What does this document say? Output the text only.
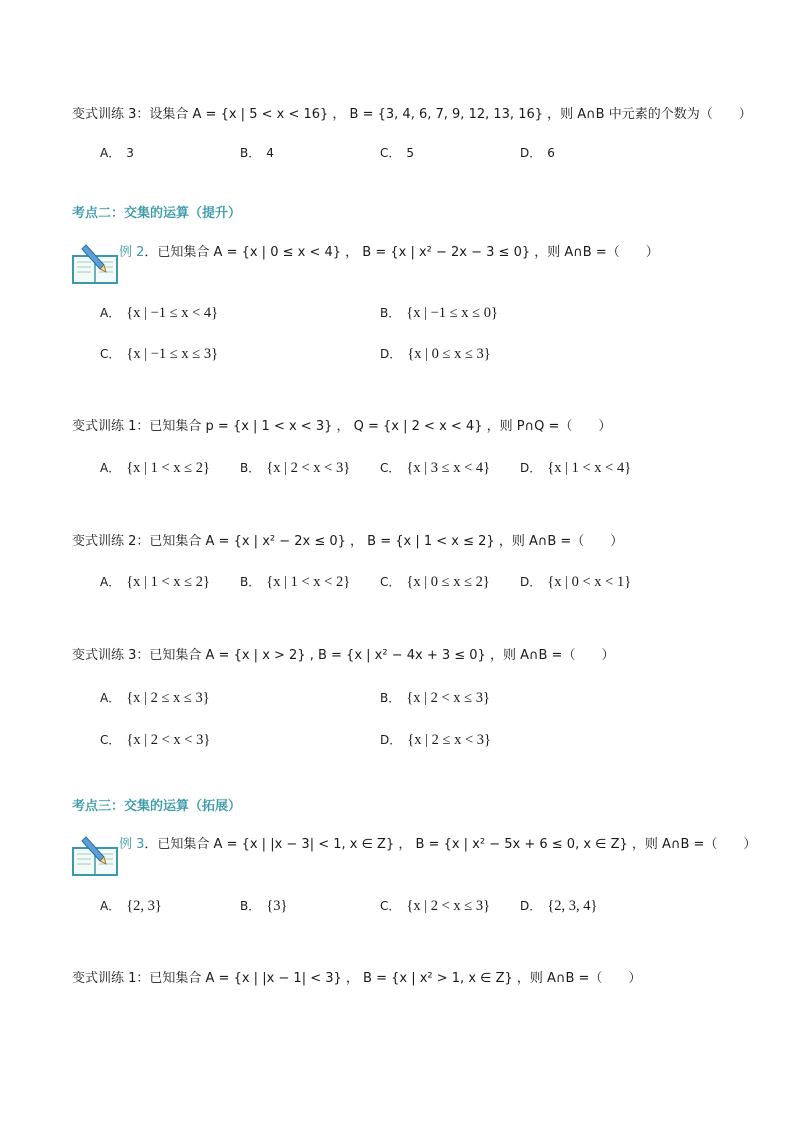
变式训练 3：设集合 A = {x | 5 < x < 16} ， B = {3, 4, 6, 7, 9, 12, 13, 16} ，则 A∩B 中元素的个数为（　　）
A． 3	B． 4	C． 5	D． 6
考点二：交集的运算（提升）
例 2．已知集合 A = {x | 0 ≤ x < 4} ， B = {x | x² − 2x − 3 ≤ 0} ，则 A∩B =（　　）
A． {x | −1 ≤ x < 4}	B． {x | −1 ≤ x ≤ 0}
C． {x | −1 ≤ x ≤ 3}	D． {x | 0 ≤ x ≤ 3}
变式训练 1：已知集合 p = {x | 1 < x < 3} ， Q = {x | 2 < x < 4} ，则 P∩Q =（　　）
A． {x | 1 < x ≤ 2}	B． {x | 2 < x < 3} C． {x | 3 ≤ x < 4} D． {x | 1 < x < 4}
变式训练 2：已知集合 A = {x | x² − 2x ≤ 0} ， B = {x | 1 < x ≤ 2} ，则 A∩B =（　　）
A． {x | 1 < x ≤ 2}	B． {x | 1 < x < 2} C． {x | 0 ≤ x ≤ 2}	D． {x | 0 < x < 1}
变式训练 3：已知集合 A = {x | x > 2} , B = {x | x² − 4x + 3 ≤ 0} ，则 A∩B =（　　）
A． {x | 2 ≤ x ≤ 3}	B． {x | 2 < x ≤ 3}
C． {x | 2 < x < 3}	D． {x | 2 ≤ x < 3}
考点三：交集的运算（拓展）
例 3．已知集合 A = {x | |x − 3| < 1, x ∈ Z} ， B = {x | x² − 5x + 6 ≤ 0, x ∈ Z} ，则 A∩B =（　　）
A． {2, 3}	B． {3}	C． {x | 2 < x ≤ 3} D． {2, 3, 4}
变式训练 1：已知集合 A = {x | |x − 1| < 3} ， B = {x | x² > 1, x ∈ Z} ，则 A∩B =（　　）
